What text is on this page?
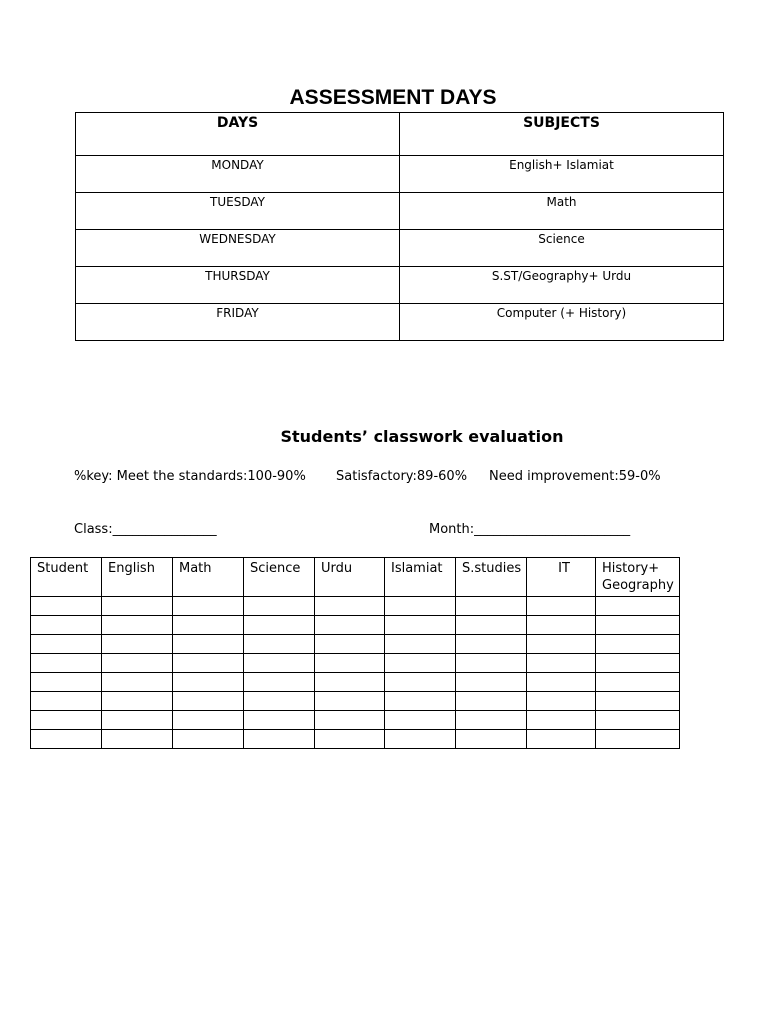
ASSESSMENT DAYS
DAYS	SUBJECTS
MONDAY	English+ Islamiat
TUESDAY	Math
WEDNESDAY	Science
THURSDAY	S.ST/Geography+ Urdu
FRIDAY	Computer (+ History)
Students’ classwork evaluation
%key: Meet the standards:100-90% Satisfactory:89-60% Need improvement:59-0%
Class:________________	Month:________________________
Student	English	Math	Science	Urdu	Islamiat	S.studies	IT	History+ Geography
